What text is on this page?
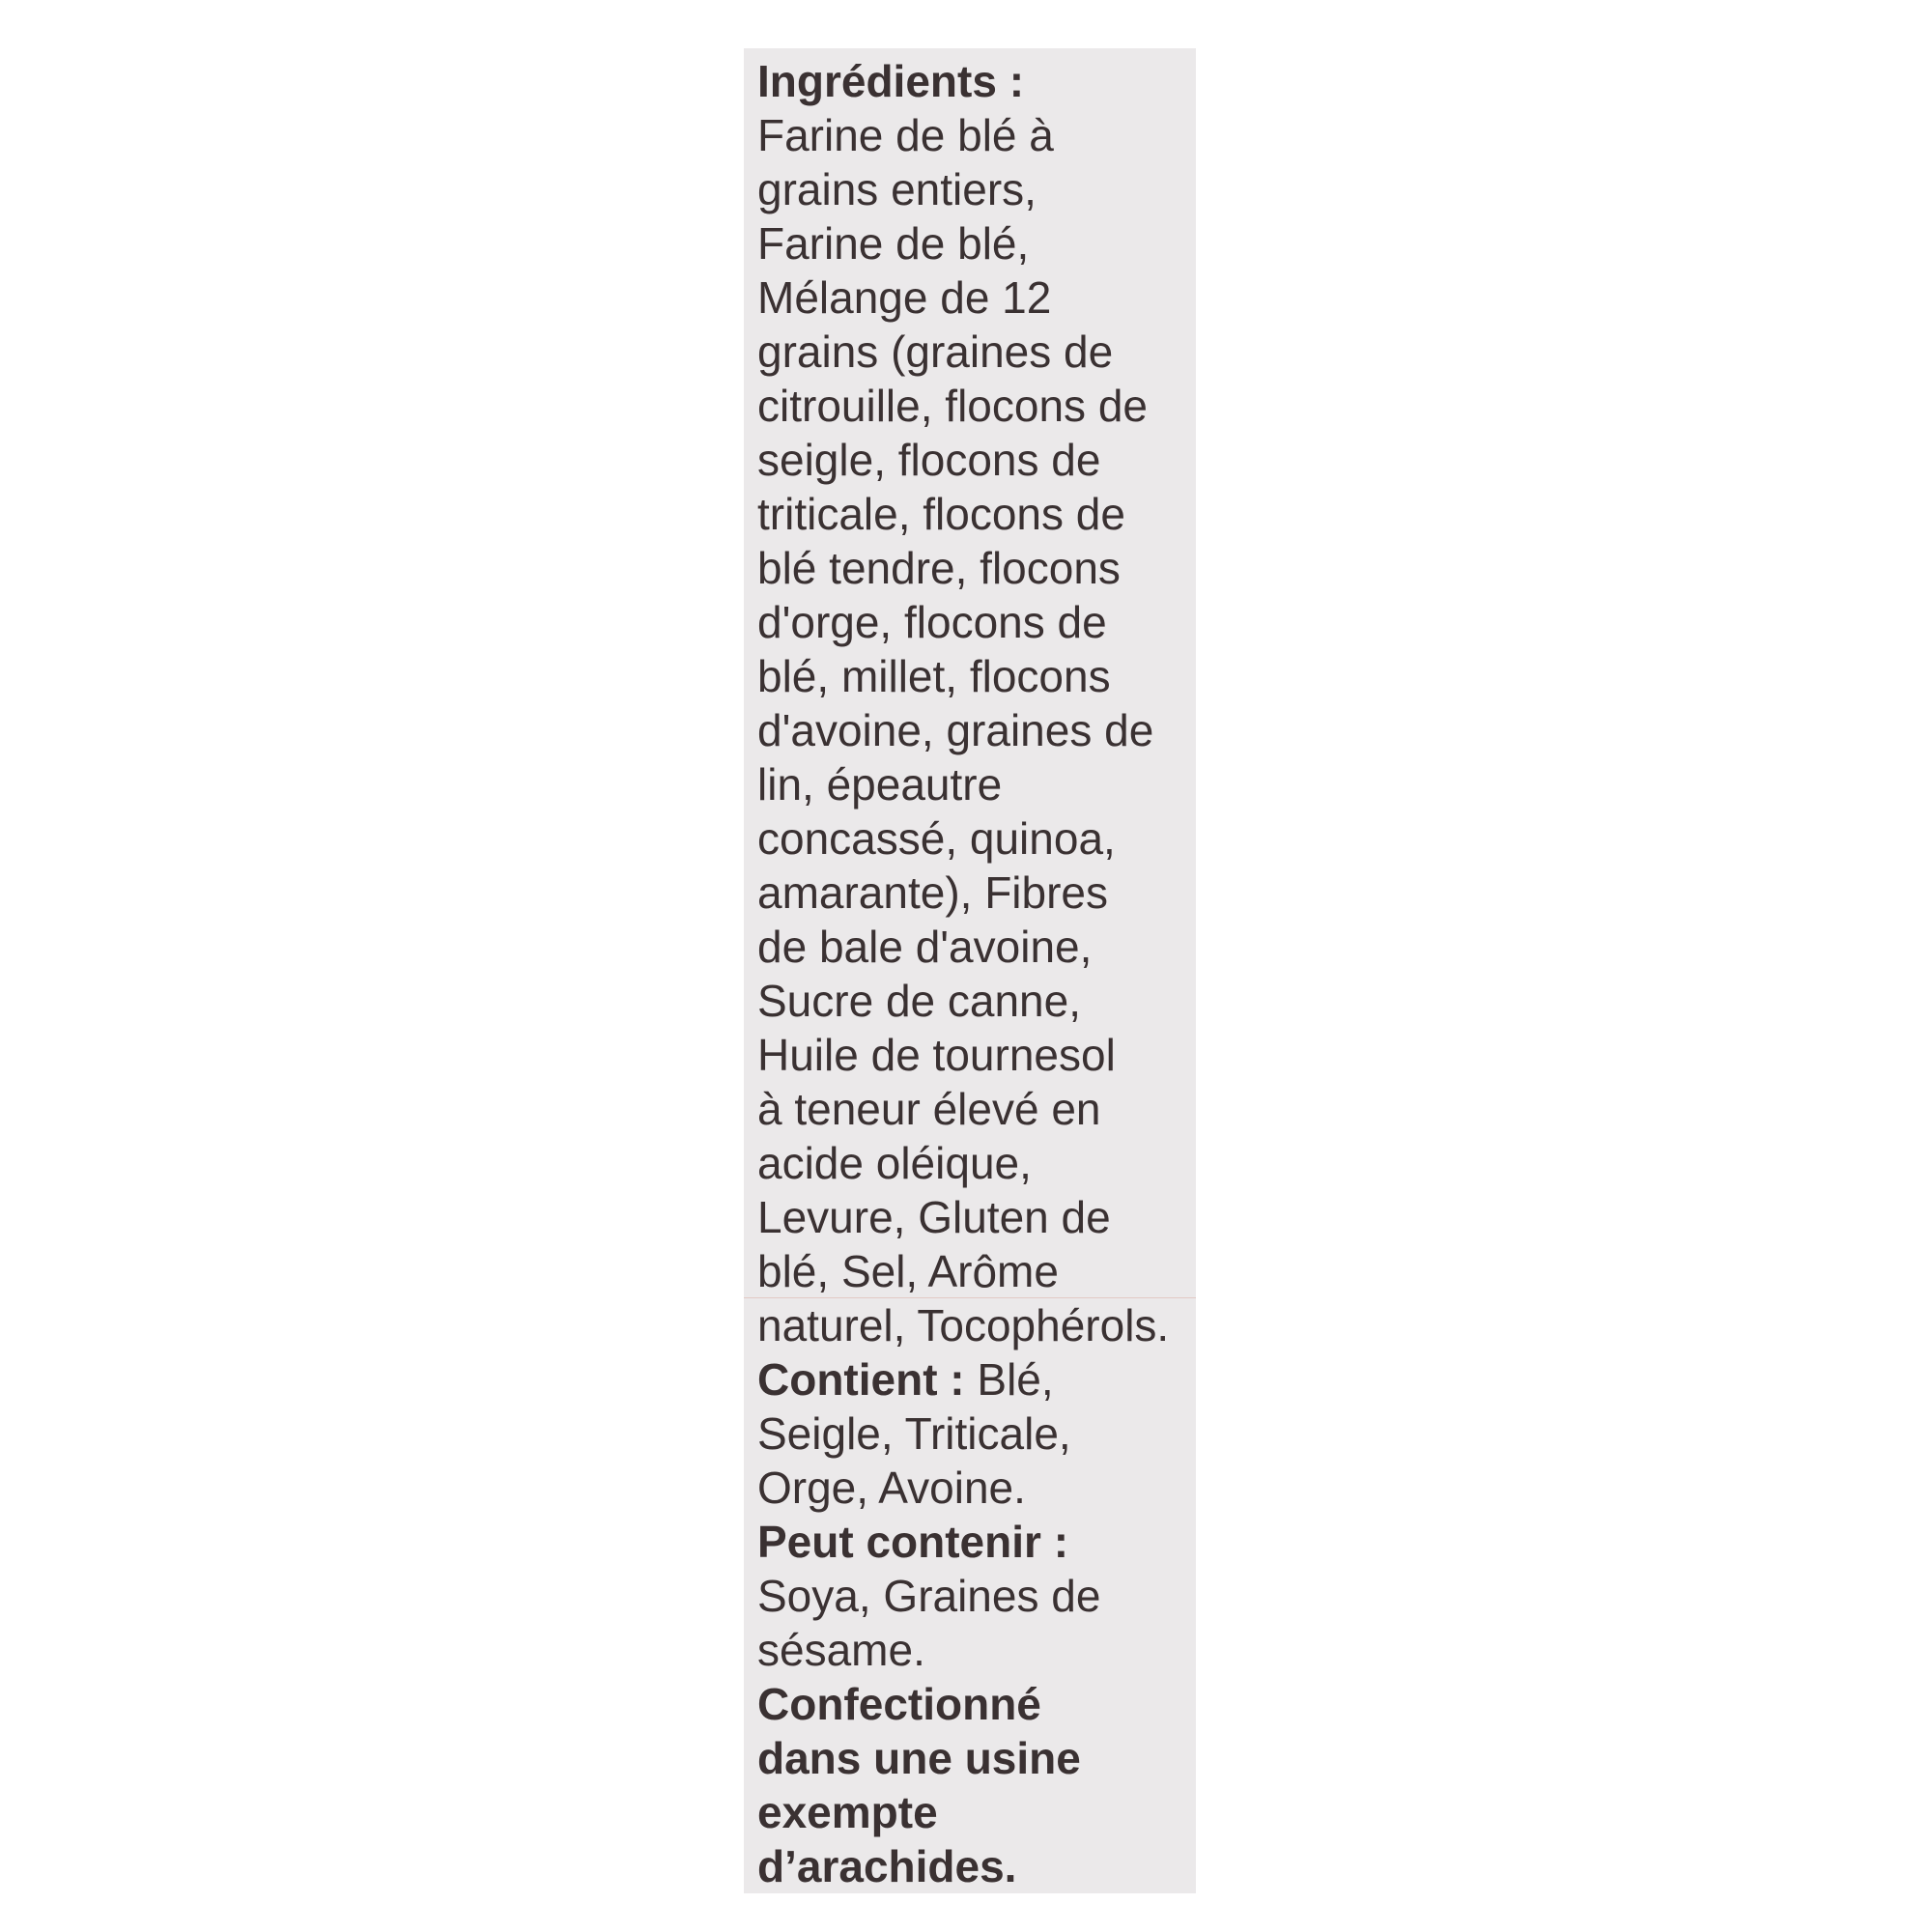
Ingrédients :
Farine de blé à
grains entiers,
Farine de blé,
Mélange de 12
grains (graines de
citrouille, flocons de
seigle, flocons de
triticale, flocons de
blé tendre, flocons
d'orge, flocons de
blé, millet, flocons
d'avoine, graines de
lin, épeautre
concassé, quinoa,
amarante), Fibres
de bale d'avoine,
Sucre de canne,
Huile de tournesol
à teneur élevé en
acide oléique,
Levure, Gluten de
blé, Sel, Arôme
naturel, Tocophérols.
Contient : Blé,
Seigle, Triticale,
Orge, Avoine.
Peut contenir :
Soya, Graines de
sésame.
Confectionné
dans une usine
exempte
d’arachides.
